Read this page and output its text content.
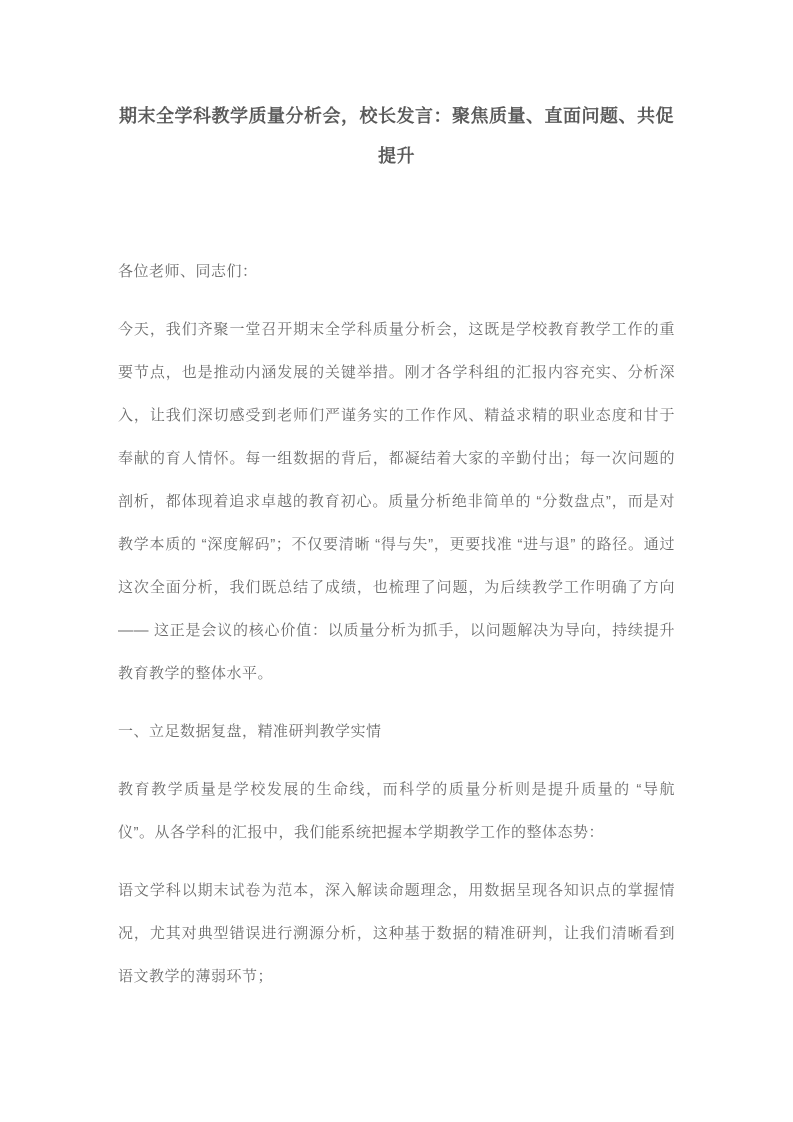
期末全学科教学质量分析会，校长发言：聚焦质量、直面问题、共促提升

各位老师、同志们：

今天，我们齐聚一堂召开期末全学科质量分析会，这既是学校教育教学工作的重要节点，也是推动内涵发展的关键举措。刚才各学科组的汇报内容充实、分析深入，让我们深切感受到老师们严谨务实的工作作风、精益求精的职业态度和甘于奉献的育人情怀。每一组数据的背后，都凝结着大家的辛勤付出；每一次问题的剖析，都体现着追求卓越的教育初心。质量分析绝非简单的 “分数盘点”，而是对教学本质的 “深度解码”；不仅要清晰 “得与失”，更要找准 “进与退” 的路径。通过这次全面分析，我们既总结了成绩，也梳理了问题，为后续教学工作明确了方向 —— 这正是会议的核心价值：以质量分析为抓手，以问题解决为导向，持续提升教育教学的整体水平。

一、立足数据复盘，精准研判教学实情

教育教学质量是学校发展的生命线，而科学的质量分析则是提升质量的 “导航仪”。从各学科的汇报中，我们能系统把握本学期教学工作的整体态势：

语文学科以期末试卷为范本，深入解读命题理念，用数据呈现各知识点的掌握情况，尤其对典型错误进行溯源分析，这种基于数据的精准研判，让我们清晰看到语文教学的薄弱环节；
